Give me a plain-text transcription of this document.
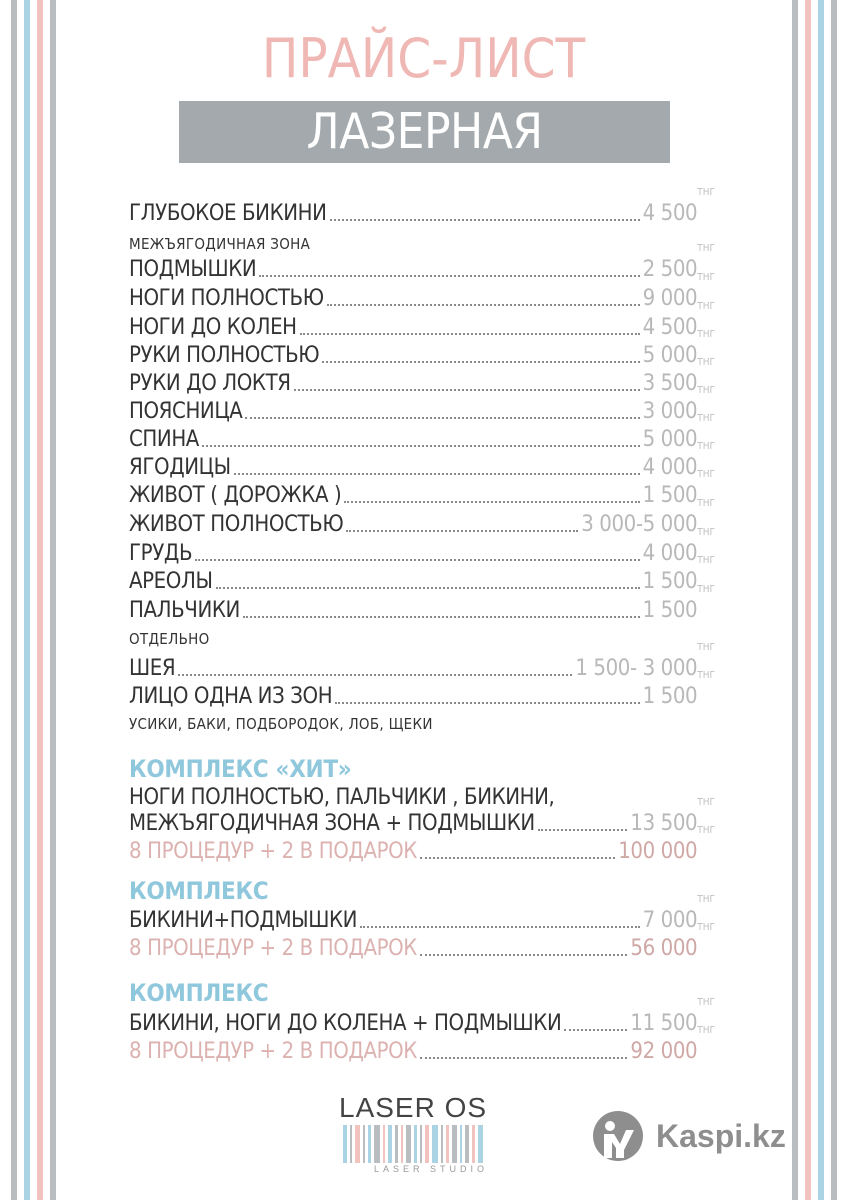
ПРАЙС-ЛИСТ
ЛАЗЕРНАЯ ЭПИЛЯЦИЯ
ГЛУБОКОЕ БИКИНИ	4 $500^{ТНГ}$
МЕЖЪЯГОДИЧНАЯ ЗОНА
ПОДМЫШКИ	2 $500^{ТНГ}$
НОГИ ПОЛНОСТЬЮ	9 $000^{ТНГ}$
НОГИ ДО КОЛЕН	4 $500^{ТНГ}$
РУКИ ПОЛНОСТЬЮ	5 $000^{ТНГ}$
РУКИ ДО ЛОКТЯ	3 $500^{ТНГ}$
ПОЯСНИЦА	3 $000^{ТНГ}$
СПИНА	5 $000^{ТНГ}$
ЯГОДИЦЫ	4 $000^{ТНГ}$
ЖИВОТ ( ДОРОЖКА )	1 $500^{ТНГ}$
ЖИВОТ ПОЛНОСТЬЮ	3 000-5 $000^{ТНГ}$
ГРУДЬ	4 $000^{ТНГ}$
АРЕОЛЫ	1 $500^{ТНГ}$
ПАЛЬЧИКИ	1 $500^{ТНГ}$
ОТДЕЛЬНО
ШЕЯ	1 500- 3 $000^{ТНГ}$
ЛИЦО ОДНА ИЗ ЗОН	1 $500^{ТНГ}$
УСИКИ, БАКИ, ПОДБОРОДОК, ЛОБ, ЩЕКИ
КОМПЛЕКС «ХИТ»
НОГИ ПОЛНОСТЬЮ, ПАЛЬЧИКИ , БИКИНИ,
МЕЖЪЯГОДИЧНАЯ ЗОНА + ПОДМЫШКИ	13 $500^{ТНГ}$
8 ПРОЦЕДУР + 2 В ПОДАРОК	100 $000^{ТНГ}$
КОМПЛЕКС
БИКИНИ+ПОДМЫШКИ	7 $000^{ТНГ}$
8 ПРОЦЕДУР + 2 В ПОДАРОК	56 $000^{ТНГ}$
КОМПЛЕКС
БИКИНИ, НОГИ ДО КОЛЕНА + ПОДМЫШКИ	11 $500^{ТНГ}$
8 ПРОЦЕДУР + 2 В ПОДАРОК	92 $000^{ТНГ}$
LASER OS
LASER STUDIO
Kaspi.kz
